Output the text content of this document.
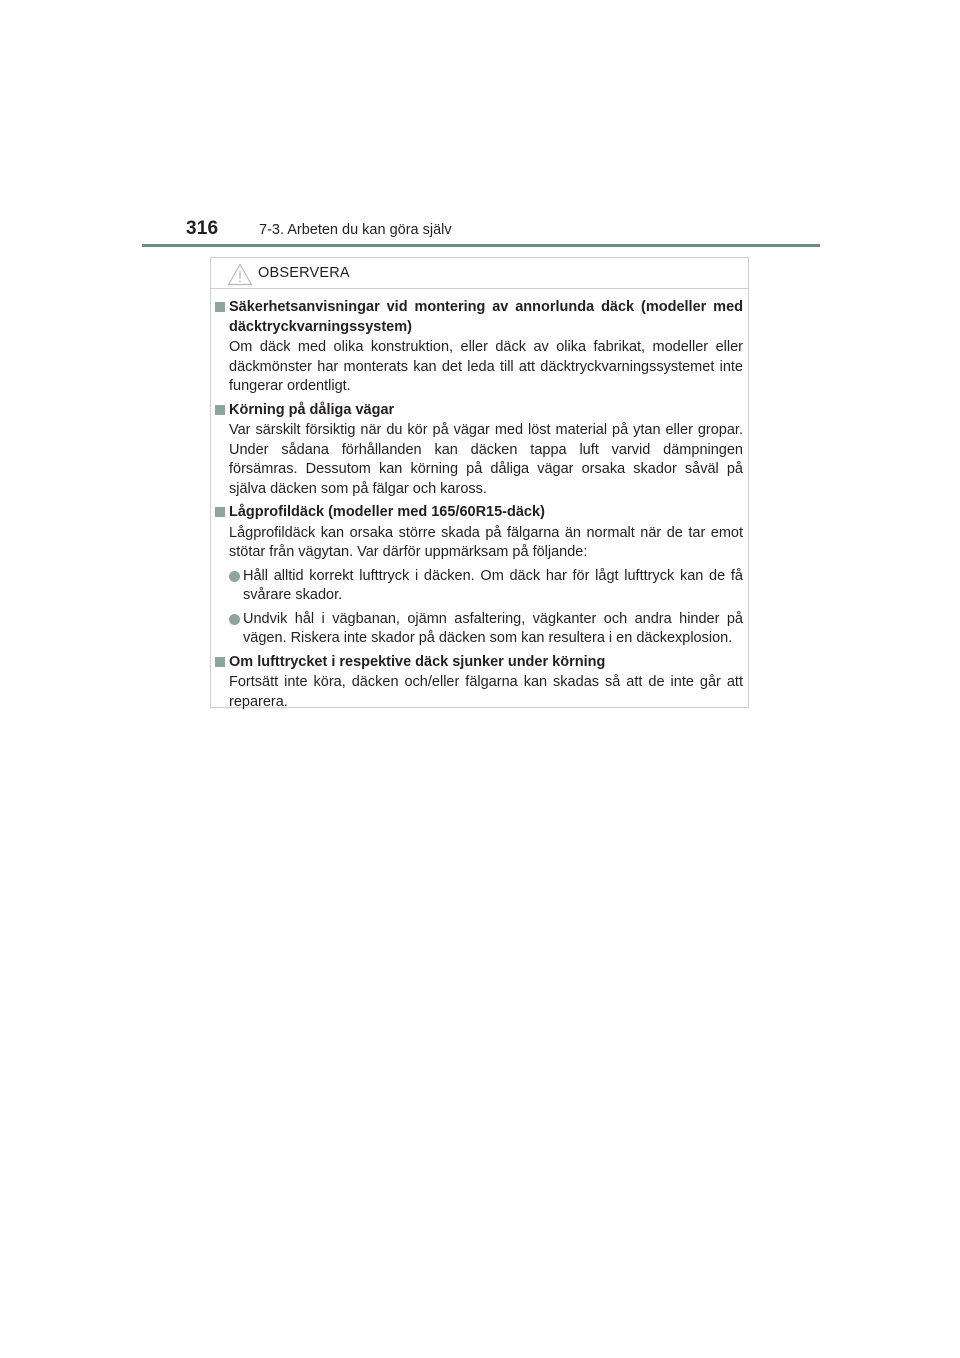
316	7-3. Arbeten du kan göra själv
OBSERVERA
Säkerhetsanvisningar vid montering av annorlunda däck (modeller med däcktryckvarningssystem)
Om däck med olika konstruktion, eller däck av olika fabrikat, modeller eller däckmönster har monterats kan det leda till att däcktryckvarningssystemet inte fungerar ordentligt.
Körning på dåliga vägar
Var särskilt försiktig när du kör på vägar med löst material på ytan eller gropar. Under sådana förhållanden kan däcken tappa luft varvid dämpningen försämras. Dessutom kan körning på dåliga vägar orsaka skador såväl på själva däcken som på fälgar och kaross.
Lågprofildäck (modeller med 165/60R15-däck)
Lågprofildäck kan orsaka större skada på fälgarna än normalt när de tar emot stötar från vägytan. Var därför uppmärksam på följande:
Håll alltid korrekt lufttryck i däcken. Om däck har för lågt lufttryck kan de få svårare skador.
Undvik hål i vägbanan, ojämn asfaltering, vägkanter och andra hinder på vägen. Riskera inte skador på däcken som kan resultera i en däckexplosion.
Om lufttrycket i respektive däck sjunker under körning
Fortsätt inte köra, däcken och/eller fälgarna kan skadas så att de inte går att reparera.
